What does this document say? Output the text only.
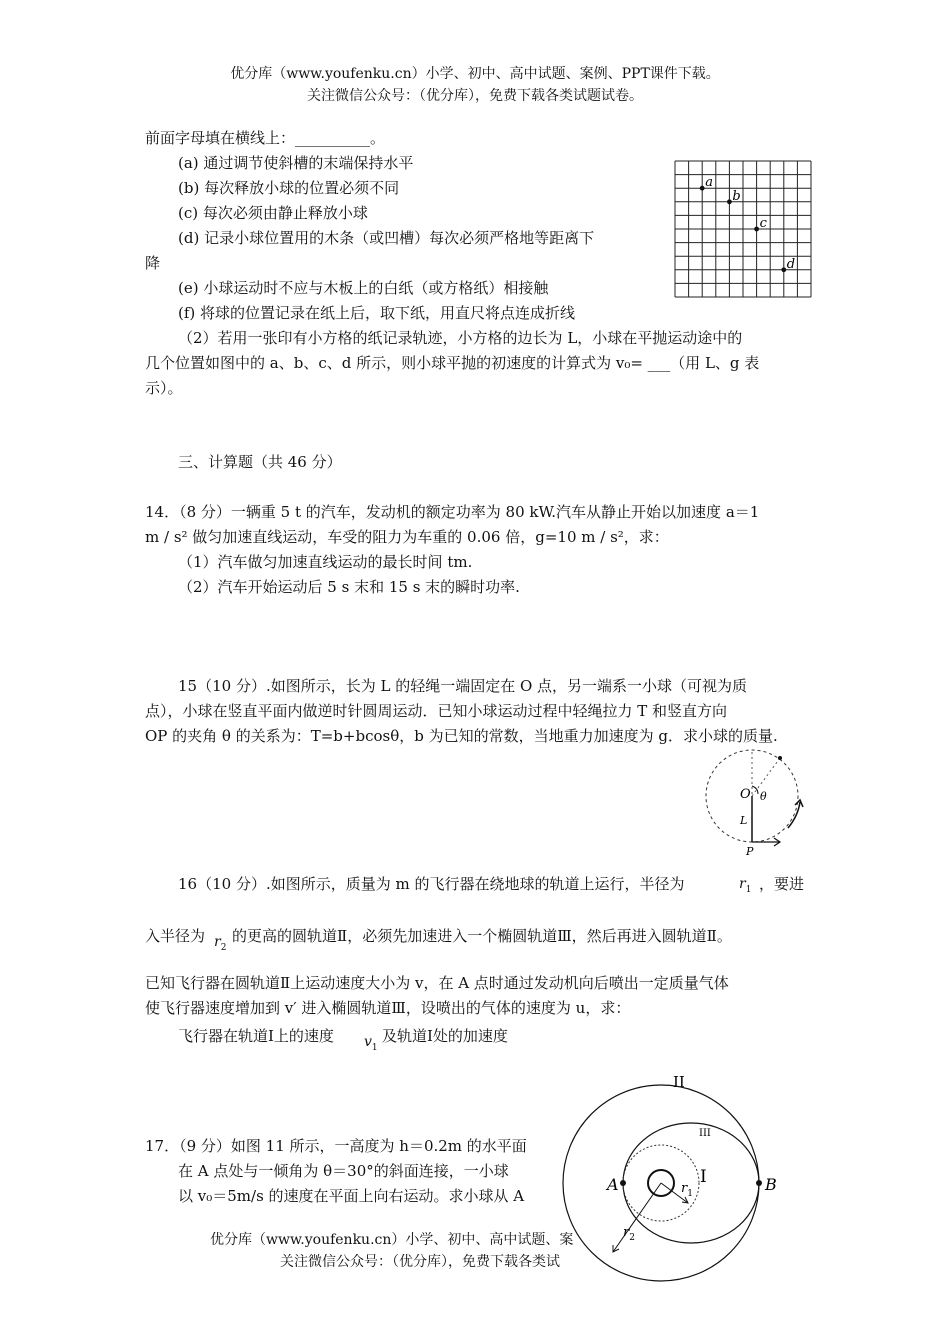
优分库（www.youfenku.cn）小学、初中、高中试题、案例、PPT课件下载。
关注微信公众号：（优分库），免费下载各类试题试卷。
前面字母填在横线上：__________。
(a) 通过调节使斜槽的末端保持水平
(b) 每次释放小球的位置必须不同
(c) 每次必须由静止释放小球
(d) 记录小球位置用的木条（或凹槽）每次必须严格地等距离下
降
(e) 小球运动时不应与木板上的白纸（或方格纸）相接触
(f) 将球的位置记录在纸上后，取下纸，用直尺将点连成折线
（2）若用一张印有小方格的纸记录轨迹，小方格的边长为 L，小球在平抛运动途中的
几个位置如图中的 a、b、c、d 所示，则小球平抛的初速度的计算式为 v₀= ___（用 L、g 表
示）。
a
b
c
d
三、计算题（共 46 分）
14．（8 分）一辆重 5 t 的汽车，发动机的额定功率为 80 kW.汽车从静止开始以加速度 a＝1
m / s² 做匀加速直线运动，车受的阻力为车重的 0.06 倍，g=10 m / s²，求：
（1）汽车做匀加速直线运动的最长时间 tm.
（2）汽车开始运动后 5 s 末和 15 s 末的瞬时功率.
15（10 分）.如图所示，长为 L 的轻绳一端固定在 O 点，另一端系一小球（可视为质
点），小球在竖直平面内做逆时针圆周运动．已知小球运动过程中轻绳拉力 T 和竖直方向
OP 的夹角 θ 的关系为：T=b+bcosθ，b 为已知的常数，当地重力加速度为 g．求小球的质量.
O θ
L
P
16（10 分）.如图所示，质量为 m 的飞行器在绕地球的轨道上运行，半径为	$r_1$ ，要进
入半径为 $r_2$
的更高的圆轨道Ⅱ，必须先加速进入一个椭圆轨道Ⅲ，然后再进入圆轨道Ⅱ。
已知飞行器在圆轨道Ⅱ上运动速度大小为 v，在 A 点时通过发动机向后喷出一定质量气体
使飞行器速度增加到 v′ 进入椭圆轨道Ⅲ，设喷出的气体的速度为 u，求：
飞行器在轨道Ⅰ上的速度 $v_1$
及轨道Ⅰ处的加速度
17．（9 分）如图 11 所示，一高度为 h＝0.2m 的水平面
在 A 点处与一倾角为 θ＝30°的斜面连接，一小球
以 v₀＝5m/s 的速度在平面上向右运动。求小球从 A
II
III
A	B
I
$r_1$
$r_2$
优分库（www.youfenku.cn）小学、初中、高中试题、案
关注微信公众号：（优分库），免费下载各类试
